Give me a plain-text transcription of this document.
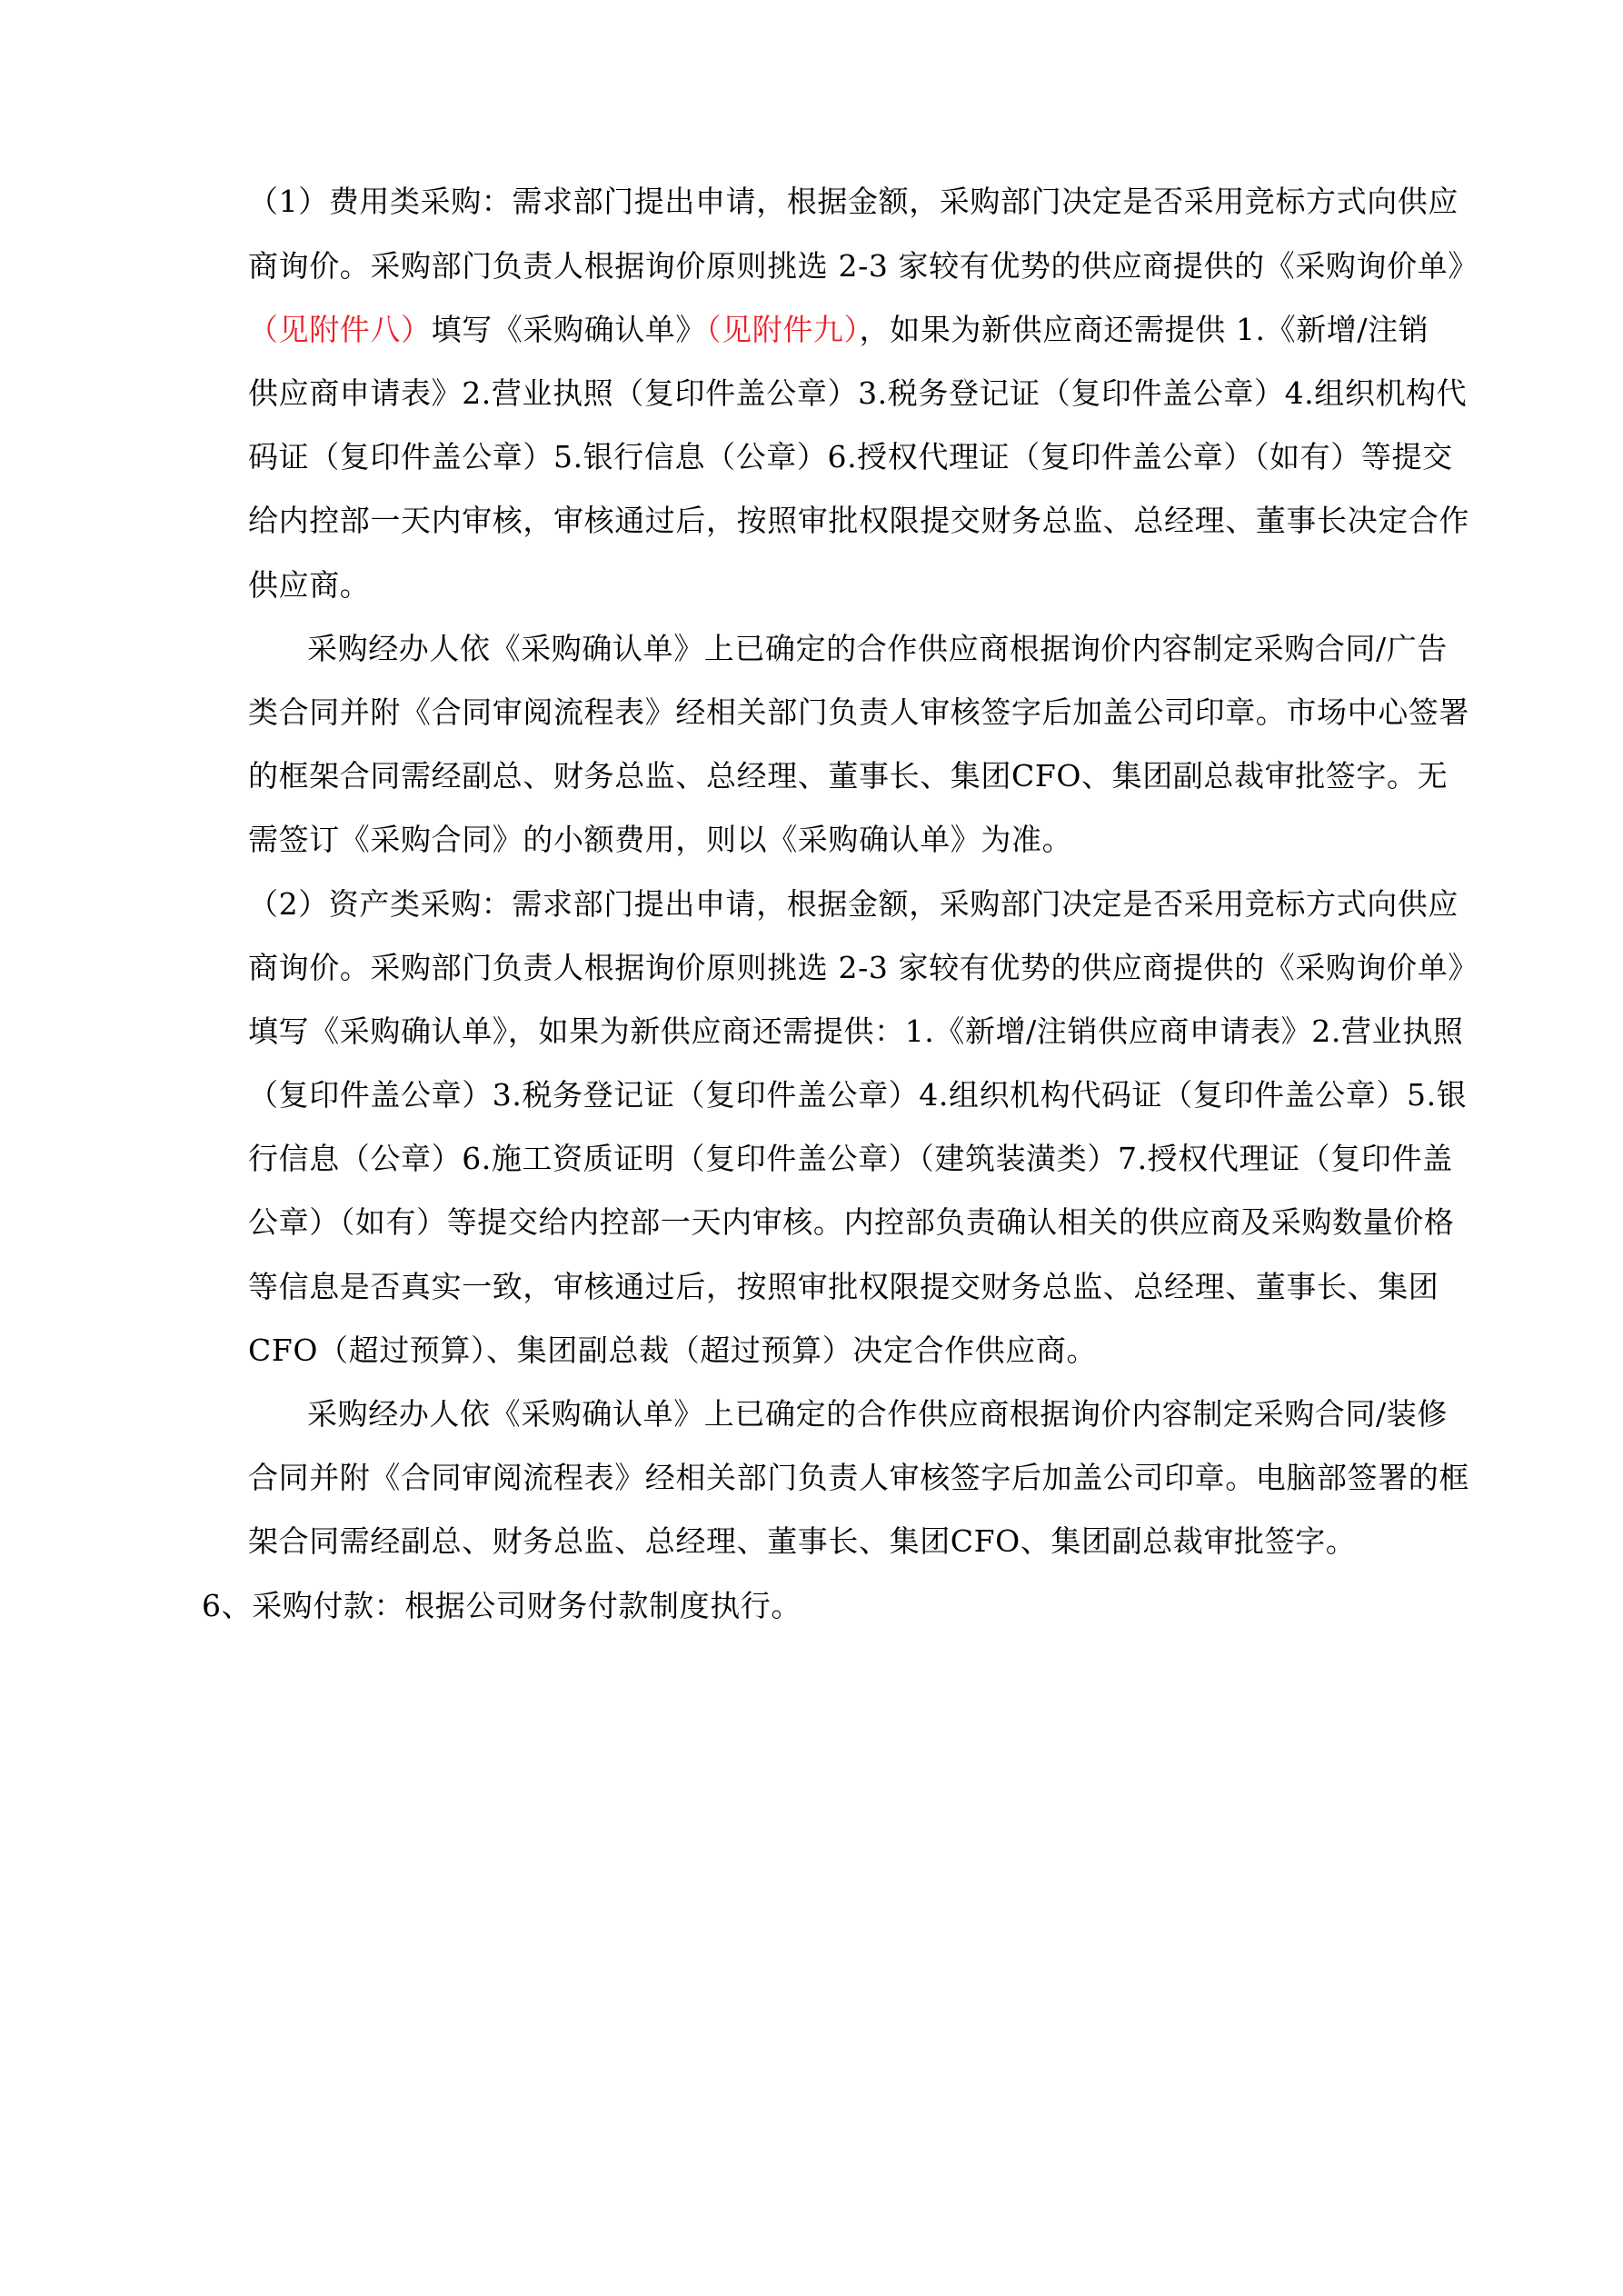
（1）费用类采购：需求部门提出申请，根据金额，采购部门决定是否采用竞标方式向供应
商询价。采购部门负责人根据询价原则挑选 2-3 家较有优势的供应商提供的《采购询价单》
（见附件八）填写《采购确认单》（见附件九），如果为新供应商还需提供 1.《新增/注销
供应商申请表》2.营业执照（复印件盖公章）3.税务登记证（复印件盖公章）4.组织机构代
码证（复印件盖公章）5.银行信息（公章）6.授权代理证（复印件盖公章）（如有）等提交
给内控部一天内审核，审核通过后，按照审批权限提交财务总监、总经理、董事长决定合作
供应商。
采购经办人依《采购确认单》上已确定的合作供应商根据询价内容制定采购合同/广告
类合同并附《合同审阅流程表》经相关部门负责人审核签字后加盖公司印章。市场中心签署
的框架合同需经副总、财务总监、总经理、董事长、集团CFO、集团副总裁审批签字。无
需签订《采购合同》的小额费用，则以《采购确认单》为准。
（2）资产类采购：需求部门提出申请，根据金额，采购部门决定是否采用竞标方式向供应
商询价。采购部门负责人根据询价原则挑选 2-3 家较有优势的供应商提供的《采购询价单》
填写《采购确认单》，如果为新供应商还需提供：1.《新增/注销供应商申请表》2.营业执照
（复印件盖公章）3.税务登记证（复印件盖公章）4.组织机构代码证（复印件盖公章）5.银
行信息（公章）6.施工资质证明（复印件盖公章）（建筑装潢类）7.授权代理证（复印件盖
公章）（如有）等提交给内控部一天内审核。内控部负责确认相关的供应商及采购数量价格
等信息是否真实一致，审核通过后，按照审批权限提交财务总监、总经理、董事长、集团
CFO（超过预算）、集团副总裁（超过预算）决定合作供应商。
采购经办人依《采购确认单》上已确定的合作供应商根据询价内容制定采购合同/装修
合同并附《合同审阅流程表》经相关部门负责人审核签字后加盖公司印章。电脑部签署的框
架合同需经副总、财务总监、总经理、董事长、集团CFO、集团副总裁审批签字。
6、采购付款：根据公司财务付款制度执行。
